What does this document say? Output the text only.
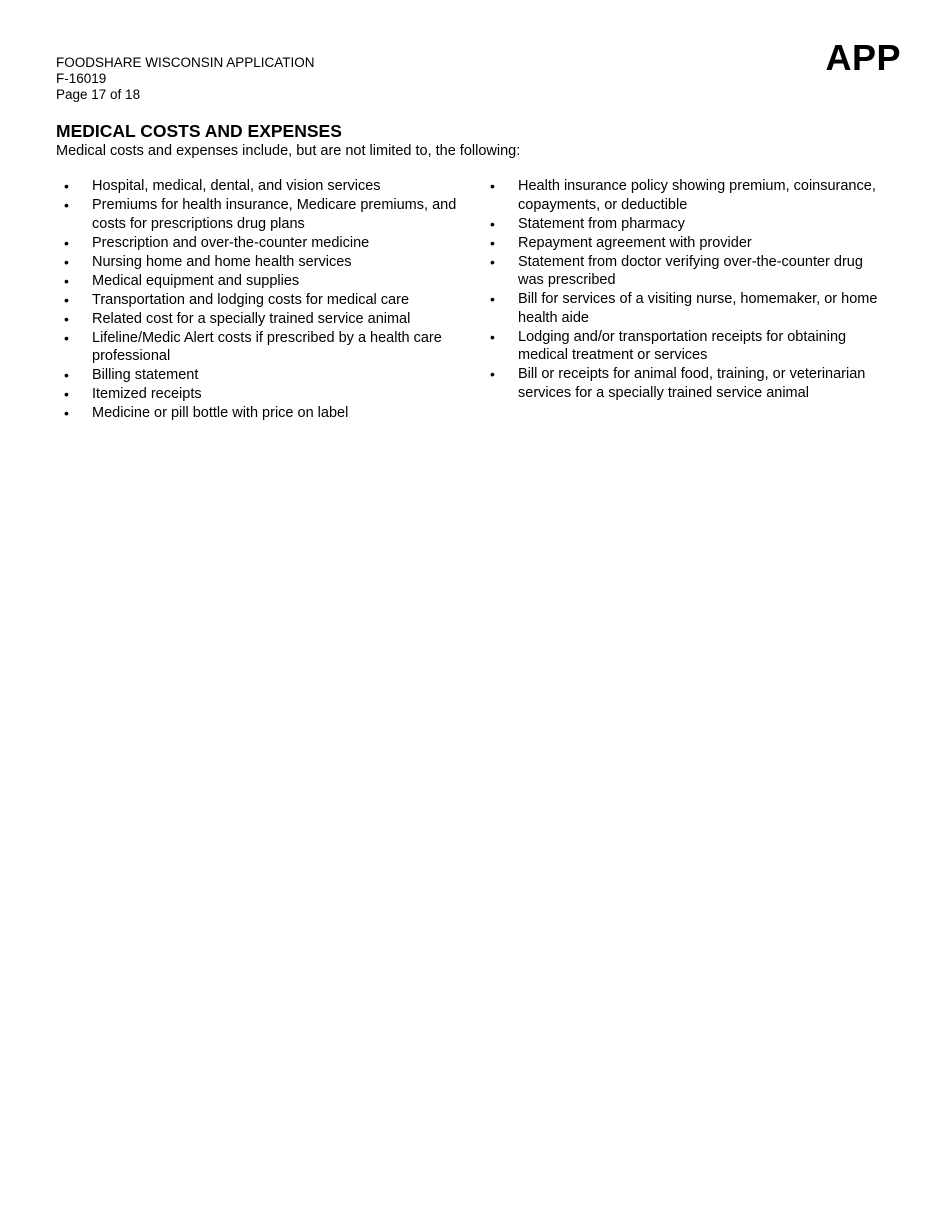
FOODSHARE WISCONSIN APPLICATION
F-16019
Page 17 of 18
APP
MEDICAL COSTS AND EXPENSES
Medical costs and expenses include, but are not limited to, the following:
• Hospital, medical, dental, and vision services
• Premiums for health insurance, Medicare premiums, and costs for prescriptions drug plans
• Prescription and over-the-counter medicine
• Nursing home and home health services
• Medical equipment and supplies
• Transportation and lodging costs for medical care
• Related cost for a specially trained service animal
• Lifeline/Medic Alert costs if prescribed by a health care professional
• Billing statement
• Itemized receipts
• Medicine or pill bottle with price on label
• Health insurance policy showing premium, coinsurance, copayments, or deductible
• Statement from pharmacy
• Repayment agreement with provider
• Statement from doctor verifying over-the-counter drug was prescribed
• Bill for services of a visiting nurse, homemaker, or home health aide
• Lodging and/or transportation receipts for obtaining medical treatment or services
• Bill or receipts for animal food, training, or veterinarian services for a specially trained service animal
